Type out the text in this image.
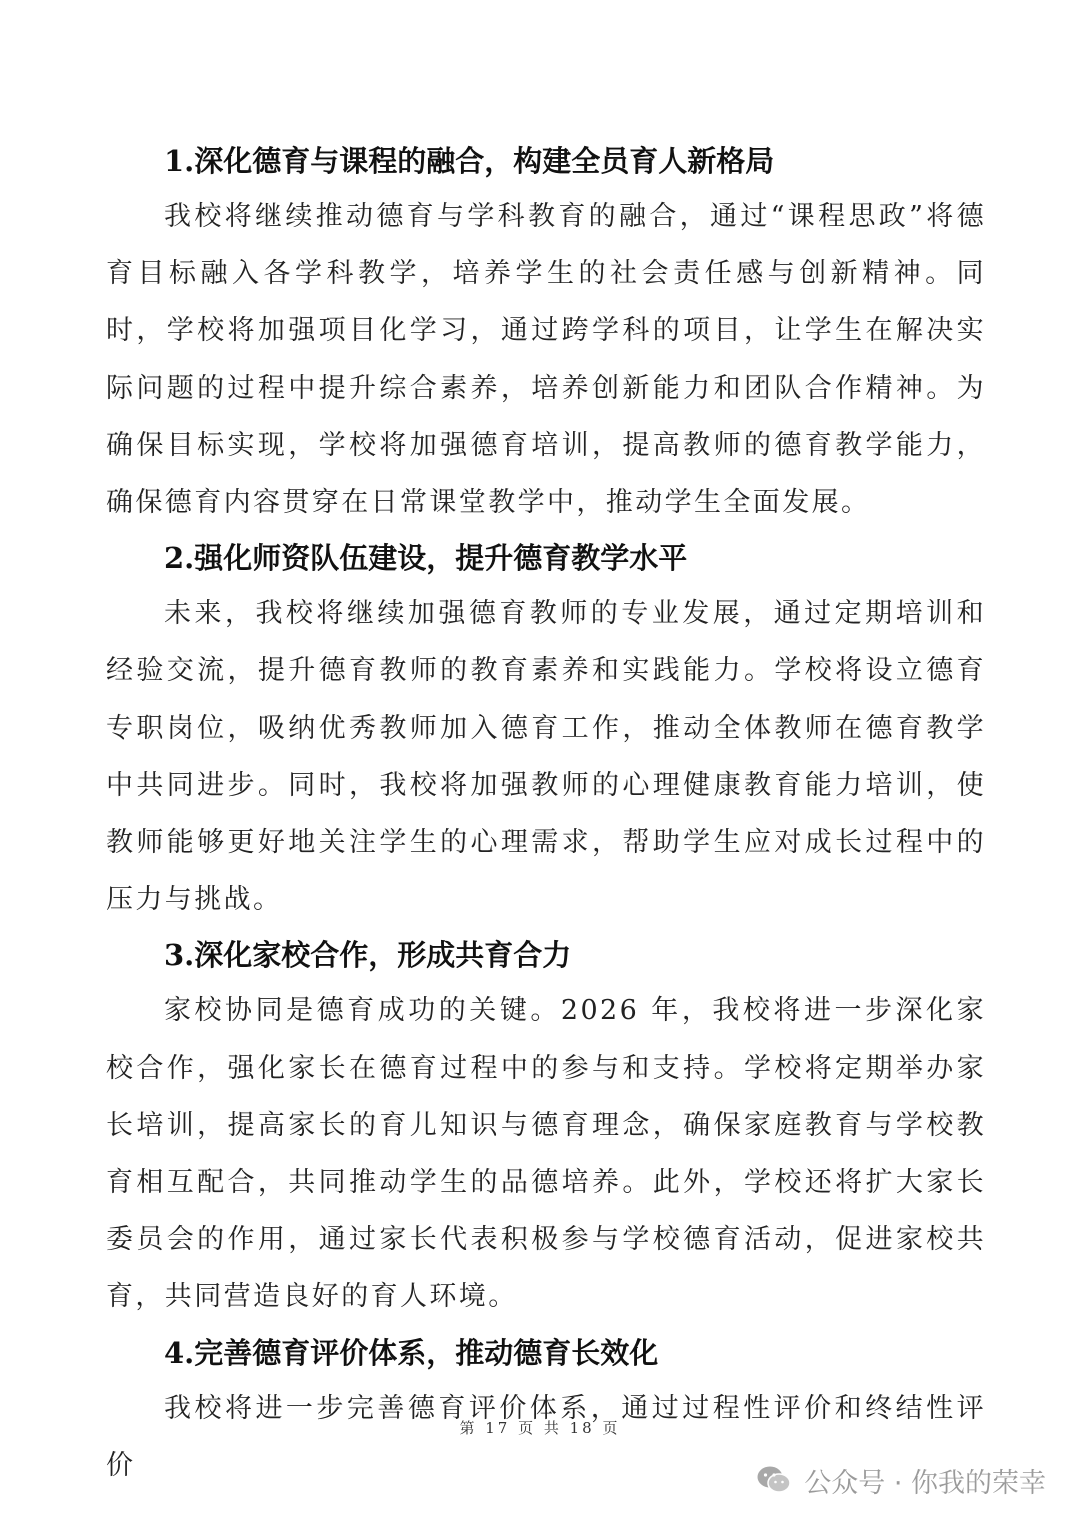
1.深化德育与课程的融合，构建全员育人新格局

我校将继续推动德育与学科教育的融合，通过“课程思政”将德育目标融入各学科教学，培养学生的社会责任感与创新精神。同时，学校将加强项目化学习，通过跨学科的项目，让学生在解决实际问题的过程中提升综合素养，培养创新能力和团队合作精神。为确保目标实现，学校将加强德育培训，提高教师的德育教学能力，确保德育内容贯穿在日常课堂教学中，推动学生全面发展。

2.强化师资队伍建设，提升德育教学水平

未来，我校将继续加强德育教师的专业发展，通过定期培训和经验交流，提升德育教师的教育素养和实践能力。学校将设立德育专职岗位，吸纳优秀教师加入德育工作，推动全体教师在德育教学中共同进步。同时，我校将加强教师的心理健康教育能力培训，使教师能够更好地关注学生的心理需求，帮助学生应对成长过程中的压力与挑战。

3.深化家校合作，形成共育合力

家校协同是德育成功的关键。2026 年，我校将进一步深化家校合作，强化家长在德育过程中的参与和支持。学校将定期举办家长培训，提高家长的育儿知识与德育理念，确保家庭教育与学校教育相互配合，共同推动学生的品德培养。此外，学校还将扩大家长委员会的作用，通过家长代表积极参与学校德育活动，促进家校共育，共同营造良好的育人环境。

4.完善德育评价体系，推动德育长效化

我校将进一步完善德育评价体系，通过过程性评价和终结性评价

第 17 页 共 18 页
公众号 · 你我的荣幸
